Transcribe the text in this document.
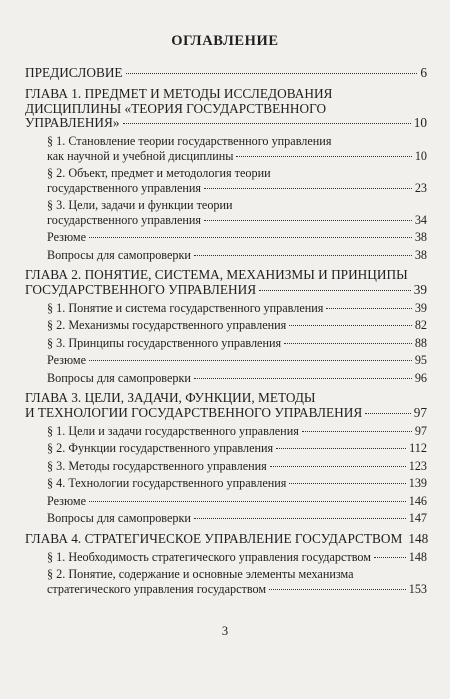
ОГЛАВЛЕНИЕ
ПРЕДИСЛОВИЕ	6
ГЛАВА 1. ПРЕДМЕТ И МЕТОДЫ ИССЛЕДОВАНИЯ
ДИСЦИПЛИНЫ «ТЕОРИЯ ГОСУДАРСТВЕННОГО
УПРАВЛЕНИЯ»	10
§ 1. Становление теории государственного управления
как научной и учебной дисциплины	10
§ 2. Объект, предмет и методология теории
государственного управления	23
§ 3. Цели, задачи и функции теории
государственного управления	34
Резюме	38
Вопросы для самопроверки	38
ГЛАВА 2. ПОНЯТИЕ, СИСТЕМА, МЕХАНИЗМЫ И ПРИНЦИПЫ
ГОСУДАРСТВЕННОГО УПРАВЛЕНИЯ	39
§ 1. Понятие и система государственного управления	39
§ 2. Механизмы государственного управления	82
§ 3. Принципы государственного управления	88
Резюме	95
Вопросы для самопроверки	96
ГЛАВА 3. ЦЕЛИ, ЗАДАЧИ, ФУНКЦИИ, МЕТОДЫ
И ТЕХНОЛОГИИ ГОСУДАРСТВЕННОГО УПРАВЛЕНИЯ	97
§ 1. Цели и задачи государственного управления	97
§ 2. Функции государственного управления	112
§ 3. Методы государственного управления	123
§ 4. Технологии государственного управления	139
Резюме	146
Вопросы для самопроверки	147
ГЛАВА 4. СТРАТЕГИЧЕСКОЕ УПРАВЛЕНИЕ ГОСУДАРСТВОМ 148
§ 1. Необходимость стратегического управления государством	148
§ 2. Понятие, содержание и основные элементы механизма
стратегического управления государством	153
3
